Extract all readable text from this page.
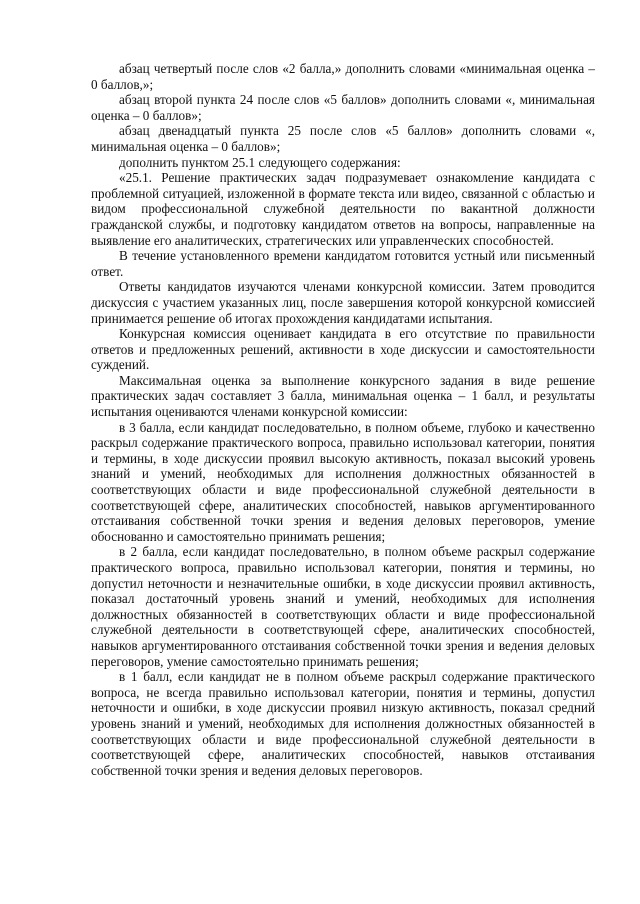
абзац четвертый после слов «2 балла,» дополнить словами «минимальная оценка – 0 баллов,»;

абзац второй пункта 24 после слов «5 баллов» дополнить словами «, минимальная оценка – 0 баллов»;

абзац двенадцатый пункта 25 после слов «5 баллов» дополнить словами «, минимальная оценка – 0 баллов»;

дополнить пунктом 25.1 следующего содержания:

«25.1. Решение практических задач подразумевает ознакомление кандидата с проблемной ситуацией, изложенной в формате текста или видео, связанной с областью и видом профессиональной служебной деятельности по вакантной должности гражданской службы, и подготовку кандидатом ответов на вопросы, направленные на выявление его аналитических, стратегических или управленческих способностей.

В течение установленного времени кандидатом готовится устный или письменный ответ.

Ответы кандидатов изучаются членами конкурсной комиссии. Затем проводится дискуссия с участием указанных лиц, после завершения которой конкурсной комиссией принимается решение об итогах прохождения кандидатами испытания.

Конкурсная комиссия оценивает кандидата в его отсутствие по правильности ответов и предложенных решений, активности в ходе дискуссии и самостоятельности суждений.

Максимальная оценка за выполнение конкурсного задания в виде решение практических задач составляет 3 балла, минимальная оценка – 1 балл, и результаты испытания оцениваются членами конкурсной комиссии:

в 3 балла, если кандидат последовательно, в полном объеме, глубоко и качественно раскрыл содержание практического вопроса, правильно использовал категории, понятия и термины, в ходе дискуссии проявил высокую активность, показал высокий уровень знаний и умений, необходимых для исполнения должностных обязанностей в соответствующих области и виде профессиональной служебной деятельности в соответствующей сфере, аналитических способностей, навыков аргументированного отстаивания собственной точки зрения и ведения деловых переговоров, умение обоснованно и самостоятельно принимать решения;

в 2 балла, если кандидат последовательно, в полном объеме раскрыл содержание практического вопроса, правильно использовал категории, понятия и термины, но допустил неточности и незначительные ошибки, в ходе дискуссии проявил активность, показал достаточный уровень знаний и умений, необходимых для исполнения должностных обязанностей в соответствующих области и виде профессиональной служебной деятельности в соответствующей сфере, аналитических способностей, навыков аргументированного отстаивания собственной точки зрения и ведения деловых переговоров, умение самостоятельно принимать решения;

в 1 балл, если кандидат не в полном объеме раскрыл содержание практического вопроса, не всегда правильно использовал категории, понятия и термины, допустил неточности и ошибки, в ходе дискуссии проявил низкую активность, показал средний уровень знаний и умений, необходимых для исполнения должностных обязанностей в соответствующих области и виде профессиональной служебной деятельности в соответствующей сфере, аналитических способностей, навыков отстаивания собственной точки зрения и ведения деловых переговоров.
